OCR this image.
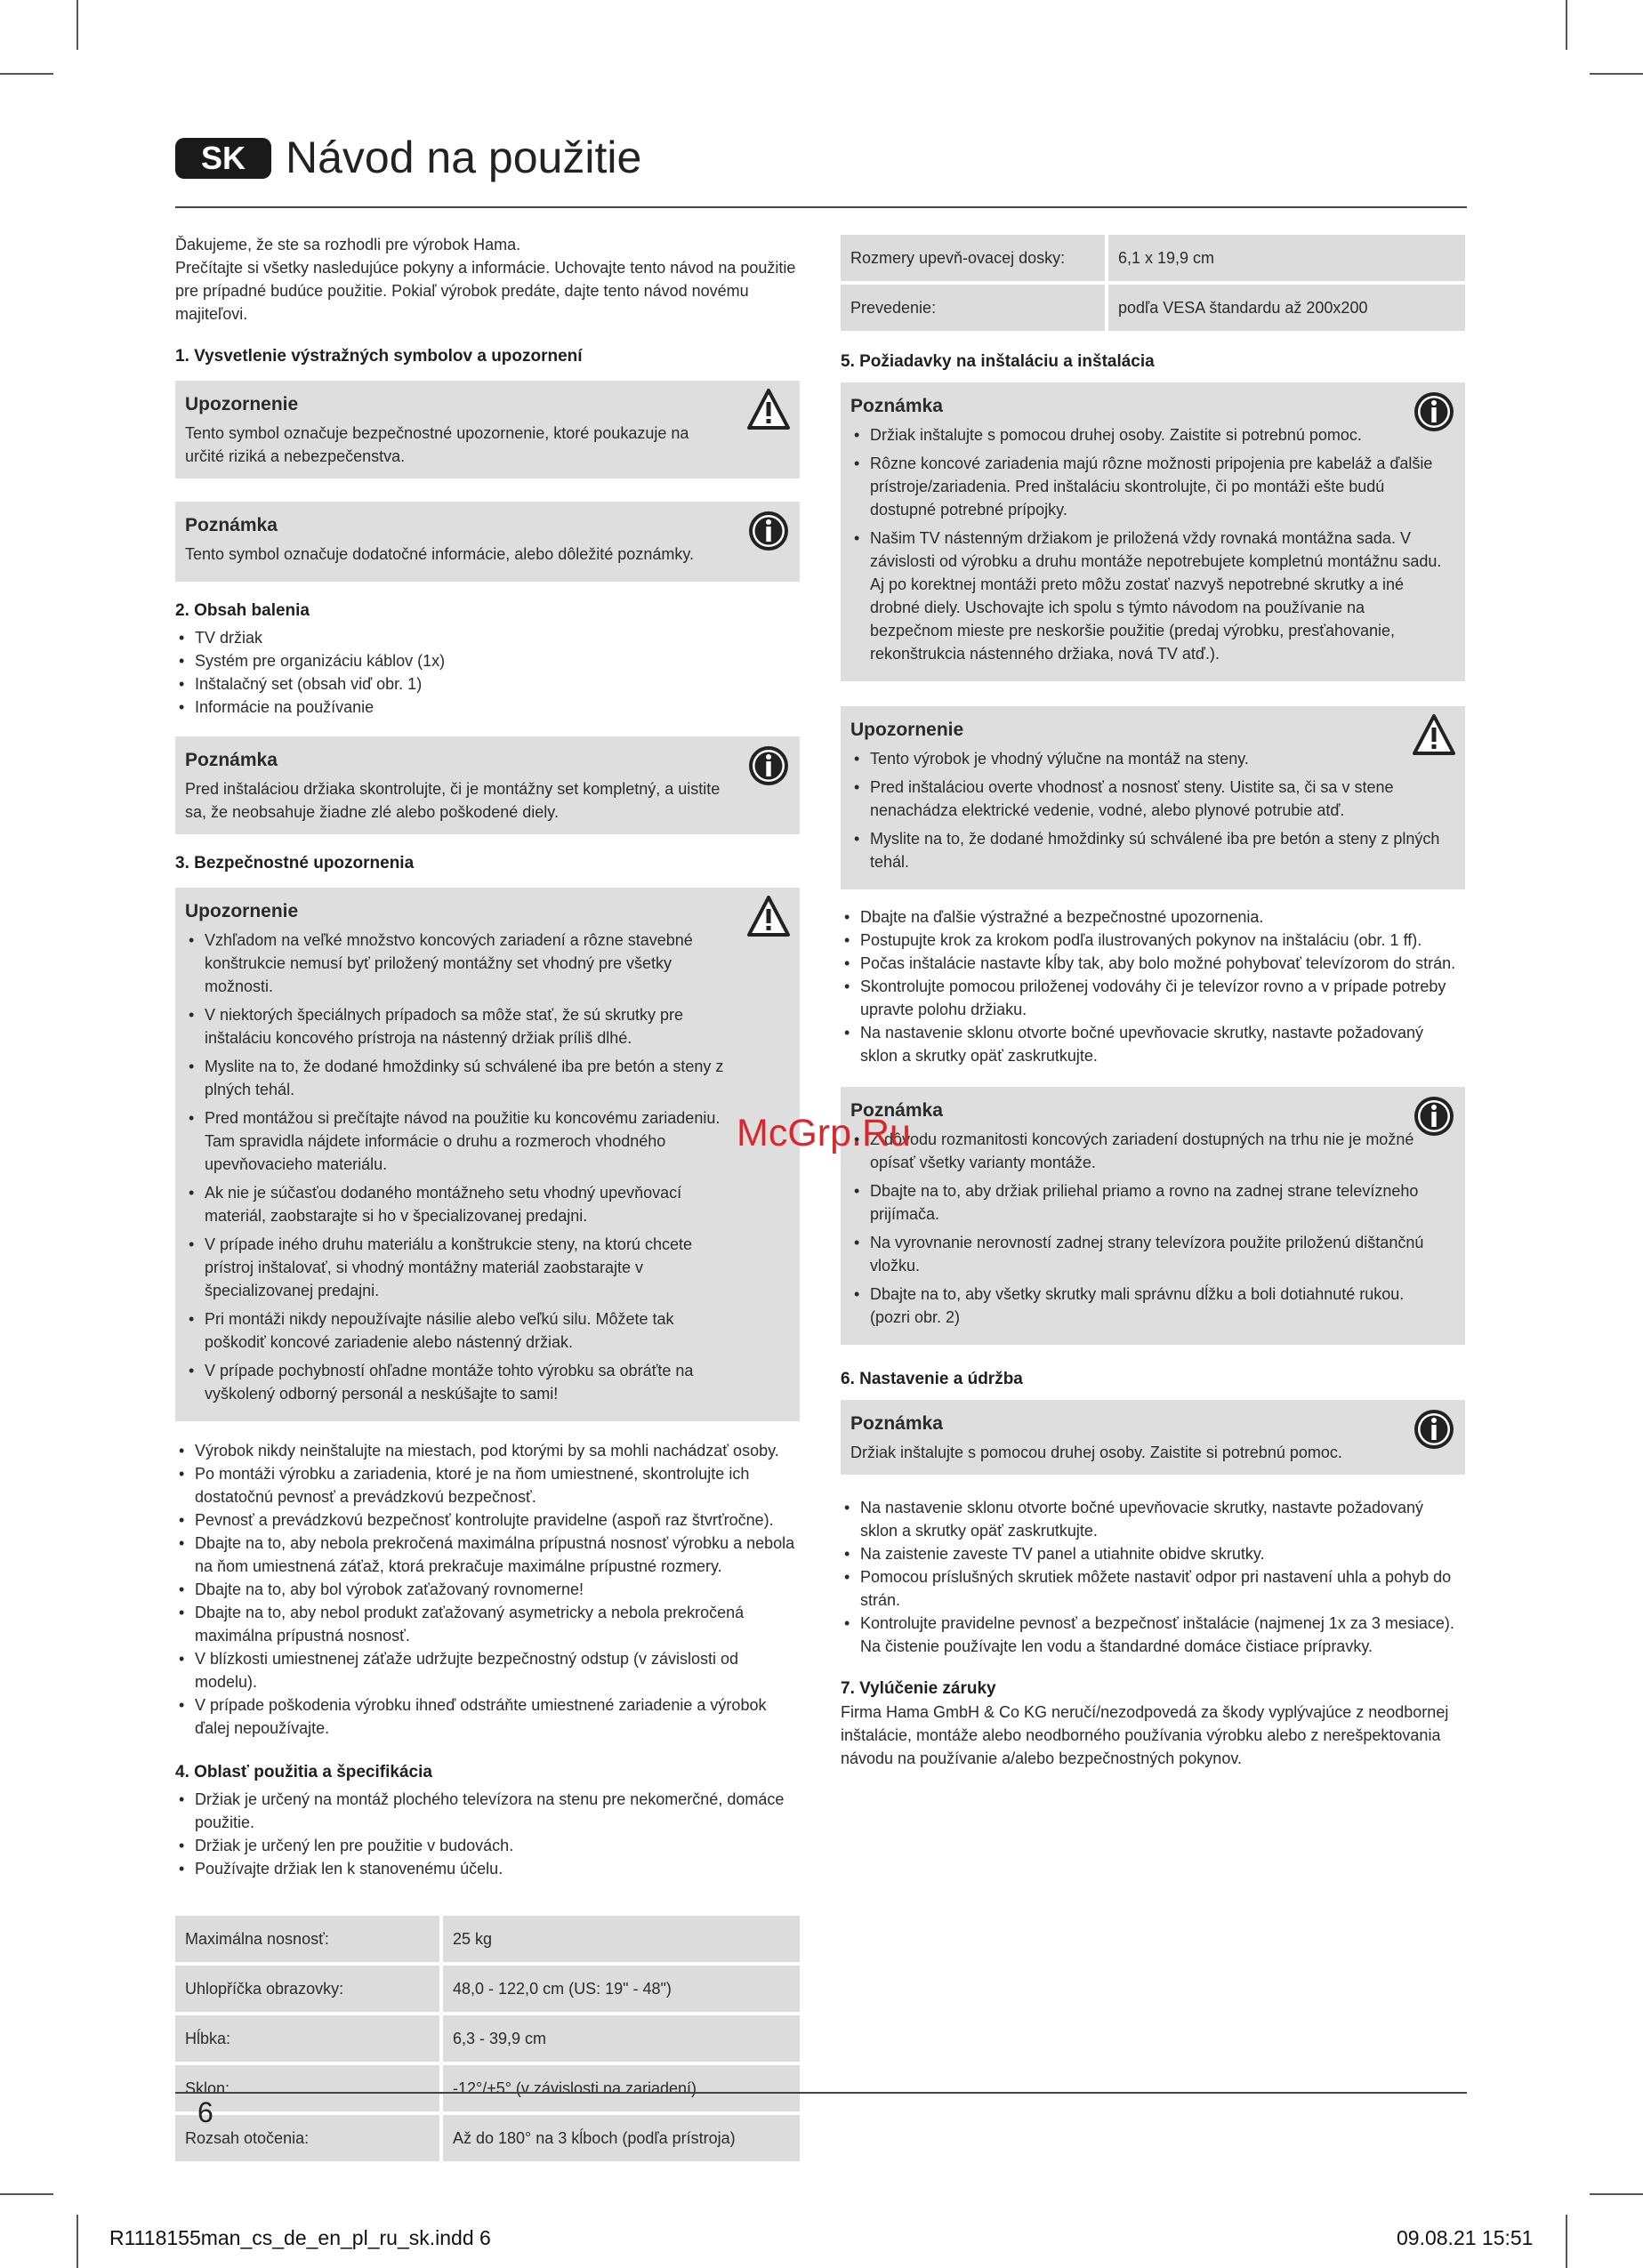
SK Návod na použitie

Ďakujeme, že ste sa rozhodli pre výrobok Hama.

Prečítajte si všetky nasledujúce pokyny a informácie. Uchovajte tento návod na použitie pre prípadné budúce použitie. Pokiaľ výrobok predáte, dajte tento návod novému majiteľovi.

1. Vysvetlenie výstražných symbolov a upozornení
Upozornenie

Tento symbol označuje bezpečnostné upozornenie, ktoré poukazuje na určité riziká a nebezpečenstva.

Poznámka

Tento symbol označuje dodatočné informácie, alebo dôležité poznámky.

2. Obsah balenia
• TV držiak
• Systém pre organizáciu káblov (1x)
• Inštalačný set (obsah viď obr. 1)
• Informácie na používanie
Poznámka

Pred inštaláciou držiaka skontrolujte, či je montážny set kompletný, a uistite sa, že neobsahuje žiadne zlé alebo poškodené diely.

3. Bezpečnostné upozornenia
Upozornenie
• Vzhľadom na veľké množstvo koncových zariadení a rôzne stavebné konštrukcie nemusí byť priložený montážny set vhodný pre všetky možnosti.
• V niektorých špeciálnych prípadoch sa môže stať, že sú skrutky pre inštaláciu koncového prístroja na nástenný držiak príliš dlhé.
• Myslite na to, že dodané hmoždinky sú schválené iba pre betón a steny z plných tehál.
• Pred montážou si prečítajte návod na použitie ku koncovému zariadeniu. Tam spravidla nájdete informácie o druhu a rozmeroch vhodného upevňovacieho materiálu.
• Ak nie je súčasťou dodaného montážneho setu vhodný upevňovací materiál, zaobstarajte si ho v špecializovanej predajni.
• V prípade iného druhu materiálu a konštrukcie steny, na ktorú chcete prístroj inštalovať, si vhodný montážny materiál zaobstarajte v špecializovanej predajni.
• Pri montáži nikdy nepoužívajte násilie alebo veľkú silu. Môžete tak poškodiť koncové zariadenie alebo nástenný držiak.
• V prípade pochybností ohľadne montáže tohto výrobku sa obráťte na vyškolený odborný personál a neskúšajte to sami!
• Výrobok nikdy neinštalujte na miestach, pod ktorými by sa mohli nachádzať osoby.
• Po montáži výrobku a zariadenia, ktoré je na ňom umiestnené, skontrolujte ich dostatočnú pevnosť a prevádzkovú bezpečnosť.
• Pevnosť a prevádzkovú bezpečnosť kontrolujte pravidelne (aspoň raz štvrťročne).
• Dbajte na to, aby nebola prekročená maximálna prípustná nosnosť výrobku a nebola na ňom umiestnená záťaž, ktorá prekračuje maximálne prípustné rozmery.
• Dbajte na to, aby bol výrobok zaťažovaný rovnomerne!
• Dbajte na to, aby nebol produkt zaťažovaný asymetricky a nebola prekročená maximálna prípustná nosnosť.
• V blízkosti umiestnenej záťaže udržujte bezpečnostný odstup (v závislosti od modelu).
• V prípade poškodenia výrobku ihneď odstráňte umiestnené zariadenie a výrobok ďalej nepoužívajte.
4. Oblasť použitia a špecifikácia
• Držiak je určený na montáž plochého televízora na stenu pre nekomerčné, domáce použitie.
• Držiak je určený len pre použitie v budovách.
• Používajte držiak len k stanovenému účelu.
Maximálna nosnosť:	25 kg
Uhlopříčka obrazovky:	48,0 - 122,0 cm (US: 19" - 48")
Hĺbka:	6,3 - 39,9 cm
Sklon:	-12°/+5° (v závislosti na zariadení)
Rozsah otočenia:	Až do 180° na 3 kĺboch (podľa prístroja)
Rozmery upevň-ovacej dosky:	6,1 x 19,9 cm
Prevedenie:	podľa VESA štandardu až 200x200
5. Požiadavky na inštaláciu a inštalácia
Poznámka
• Držiak inštalujte s pomocou druhej osoby. Zaistite si potrebnú pomoc.
• Rôzne koncové zariadenia majú rôzne možnosti pripojenia pre kabeláž a ďalšie prístroje/zariadenia. Pred inštaláciu skontrolujte, či po montáži ešte budú dostupné potrebné prípojky.
• Našim TV nástenným držiakom je priložená vždy rovnaká montážna sada. V závislosti od výrobku a druhu montáže nepotrebujete kompletnú montážnu sadu. Aj po korektnej montáži preto môžu zostať nazvyš nepotrebné skrutky a iné drobné diely. Uschovajte ich spolu s týmto návodom na používanie na bezpečnom mieste pre neskoršie použitie (predaj výrobku, presťahovanie, rekonštrukcia nástenného držiaka, nová TV atď.).
Upozornenie
• Tento výrobok je vhodný výlučne na montáž na steny.
• Pred inštaláciou overte vhodnosť a nosnosť steny. Uistite sa, či sa v stene nenachádza elektrické vedenie, vodné, alebo plynové potrubie atď.
• Myslite na to, že dodané hmoždinky sú schválené iba pre betón a steny z plných tehál.
• Dbajte na ďalšie výstražné a bezpečnostné upozornenia.
• Postupujte krok za krokom podľa ilustrovaných pokynov na inštaláciu (obr. 1 ff).
• Počas inštalácie nastavte kĺby tak, aby bolo možné pohybovať televízorom do strán.
• Skontrolujte pomocou priloženej vodováhy či je televízor rovno a v prípade potreby upravte polohu držiaku.
• Na nastavenie sklonu otvorte bočné upevňovacie skrutky, nastavte požadovaný sklon a skrutky opäť zaskrutkujte.
Poznámka
• Z dôvodu rozmanitosti koncových zariadení dostupných na trhu nie je možné opísať všetky varianty montáže.
• Dbajte na to, aby držiak priliehal priamo a rovno na zadnej strane televízneho prijímača.
• Na vyrovnanie nerovností zadnej strany televízora použite priloženú dištančnú vložku.
• Dbajte na to, aby všetky skrutky mali správnu dĺžku a boli dotiahnuté rukou. (pozri obr. 2)
6. Nastavenie a údržba
Poznámka

Držiak inštalujte s pomocou druhej osoby. Zaistite si potrebnú pomoc.

• Na nastavenie sklonu otvorte bočné upevňovacie skrutky, nastavte požadovaný sklon a skrutky opäť zaskrutkujte.
• Na zaistenie zaveste TV panel a utiahnite obidve skrutky.
• Pomocou príslušných skrutiek môžete nastaviť odpor pri nastavení uhla a pohyb do strán.
• Kontrolujte pravidelne pevnosť a bezpečnosť inštalácie (najmenej 1x za 3 mesiace). Na čistenie používajte len vodu a štandardné domáce čistiace prípravky.
7. Vylúčenie záruky

Firma Hama GmbH & Co KG neručí/nezodpovedá za škody vyplývajúce z neodbornej inštalácie, montáže alebo neodborného používania výrobku alebo z nerešpektovania návodu na používanie a/alebo bezpečnostných pokynov.

McGrp.Ru
6
R1118155man_cs_de_en_pl_ru_sk.indd 6	09.08.21 15:51
